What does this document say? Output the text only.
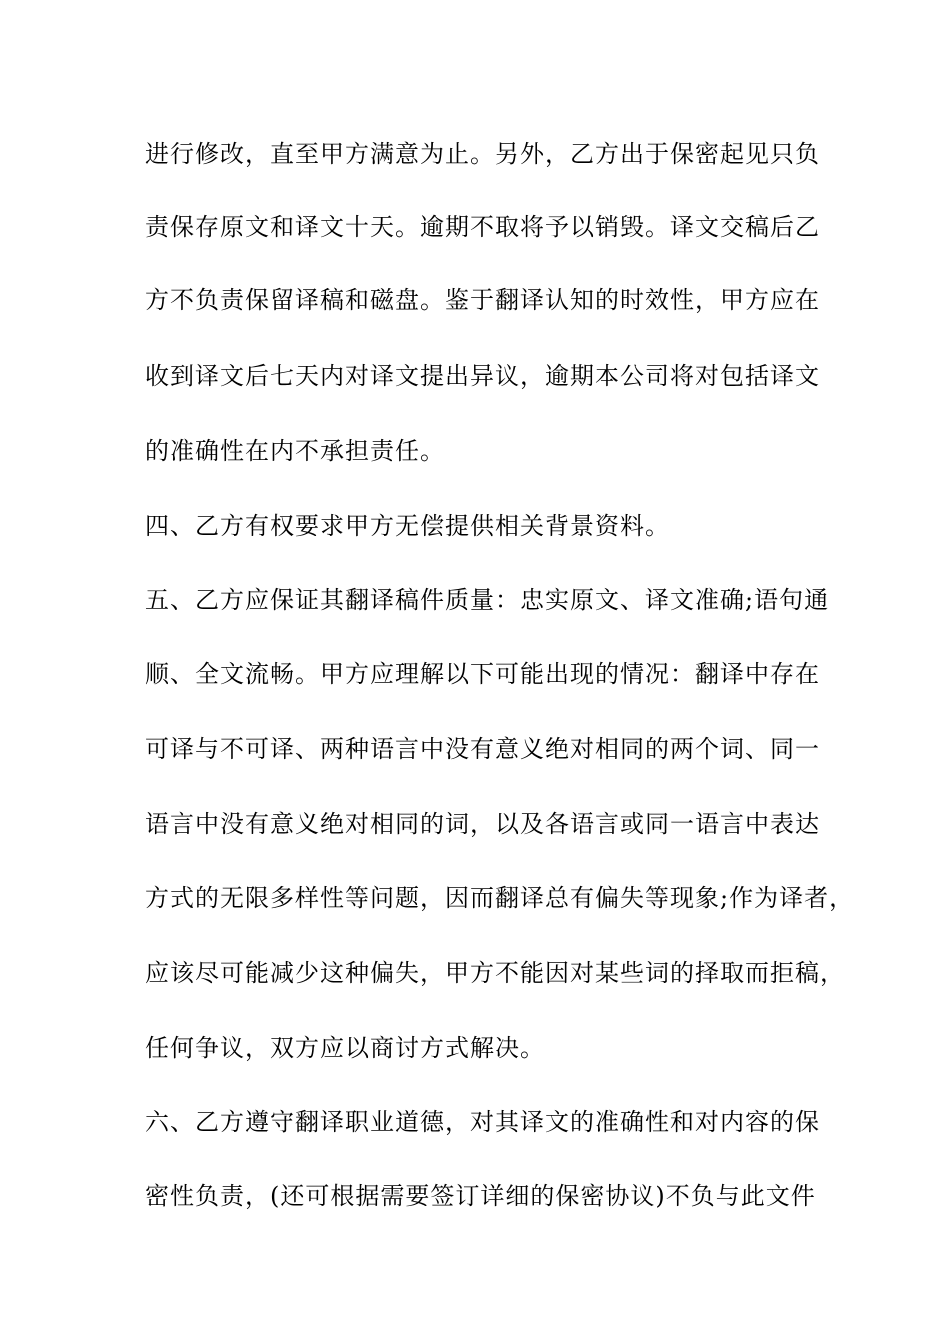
进行修改，直至甲方满意为止。另外，乙方出于保密起见只负
责保存原文和译文十天。逾期不取将予以销毁。译文交稿后乙
方不负责保留译稿和磁盘。鉴于翻译认知的时效性，甲方应在
收到译文后七天内对译文提出异议，逾期本公司将对包括译文
的准确性在内不承担责任。
四、乙方有权要求甲方无偿提供相关背景资料。
五、乙方应保证其翻译稿件质量：忠实原文、译文准确;语句通
顺、全文流畅。甲方应理解以下可能出现的情况：翻译中存在
可译与不可译、两种语言中没有意义绝对相同的两个词、同一
语言中没有意义绝对相同的词，以及各语言或同一语言中表达
方式的无限多样性等问题，因而翻译总有偏失等现象;作为译者，
应该尽可能减少这种偏失，甲方不能因对某些词的择取而拒稿，
任何争议，双方应以商讨方式解决。
六、乙方遵守翻译职业道德，对其译文的准确性和对内容的保
密性负责，(还可根据需要签订详细的保密协议)不负与此文件
